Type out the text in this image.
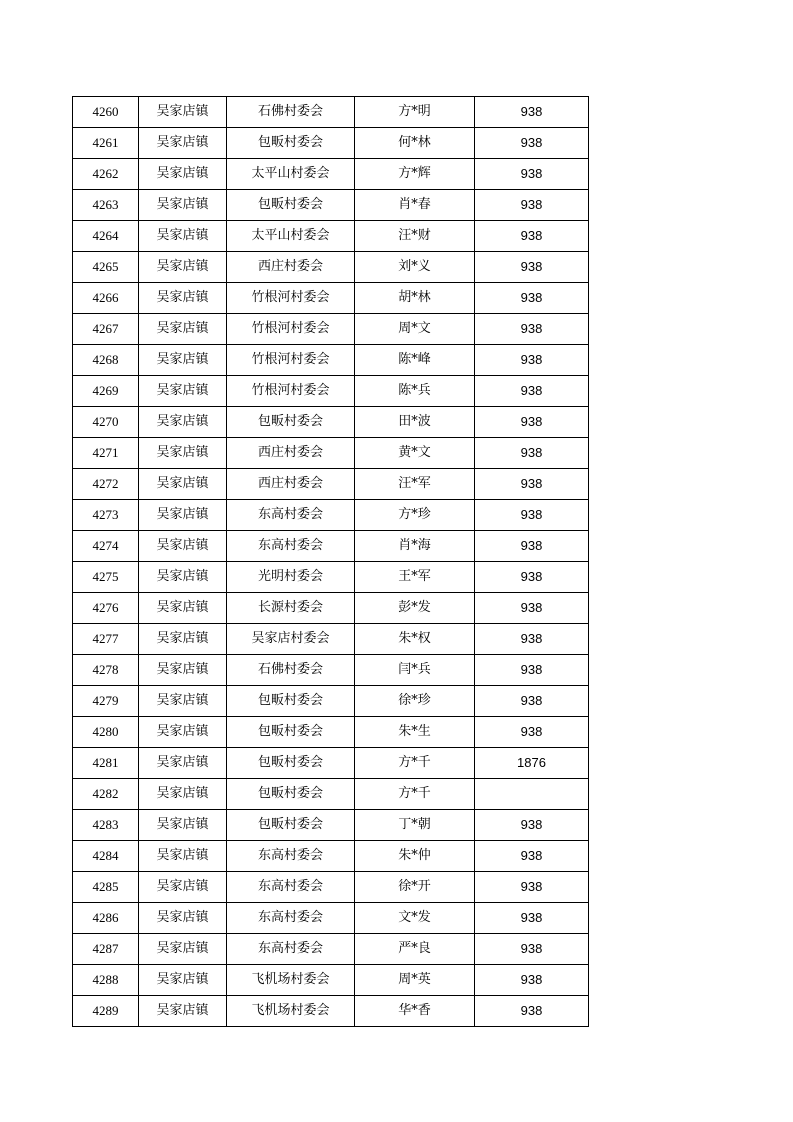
4260	吴家店镇	石佛村委会	方*明	938
4261	吴家店镇	包畈村委会	何*林	938
4262	吴家店镇	太平山村委会	方*辉	938
4263	吴家店镇	包畈村委会	肖*春	938
4264	吴家店镇	太平山村委会	汪*财	938
4265	吴家店镇	西庄村委会	刘*义	938
4266	吴家店镇	竹根河村委会	胡*林	938
4267	吴家店镇	竹根河村委会	周*文	938
4268	吴家店镇	竹根河村委会	陈*峰	938
4269	吴家店镇	竹根河村委会	陈*兵	938
4270	吴家店镇	包畈村委会	田*波	938
4271	吴家店镇	西庄村委会	黄*文	938
4272	吴家店镇	西庄村委会	汪*军	938
4273	吴家店镇	东高村委会	方*珍	938
4274	吴家店镇	东高村委会	肖*海	938
4275	吴家店镇	光明村委会	王*军	938
4276	吴家店镇	长源村委会	彭*发	938
4277	吴家店镇	吴家店村委会	朱*权	938
4278	吴家店镇	石佛村委会	闫*兵	938
4279	吴家店镇	包畈村委会	徐*珍	938
4280	吴家店镇	包畈村委会	朱*生	938
4281	吴家店镇	包畈村委会	方*千	1876
4282	吴家店镇	包畈村委会	方*千	
4283	吴家店镇	包畈村委会	丁*朝	938
4284	吴家店镇	东高村委会	朱*仲	938
4285	吴家店镇	东高村委会	徐*开	938
4286	吴家店镇	东高村委会	文*发	938
4287	吴家店镇	东高村委会	严*良	938
4288	吴家店镇	飞机场村委会	周*英	938
4289	吴家店镇	飞机场村委会	华*香	938
